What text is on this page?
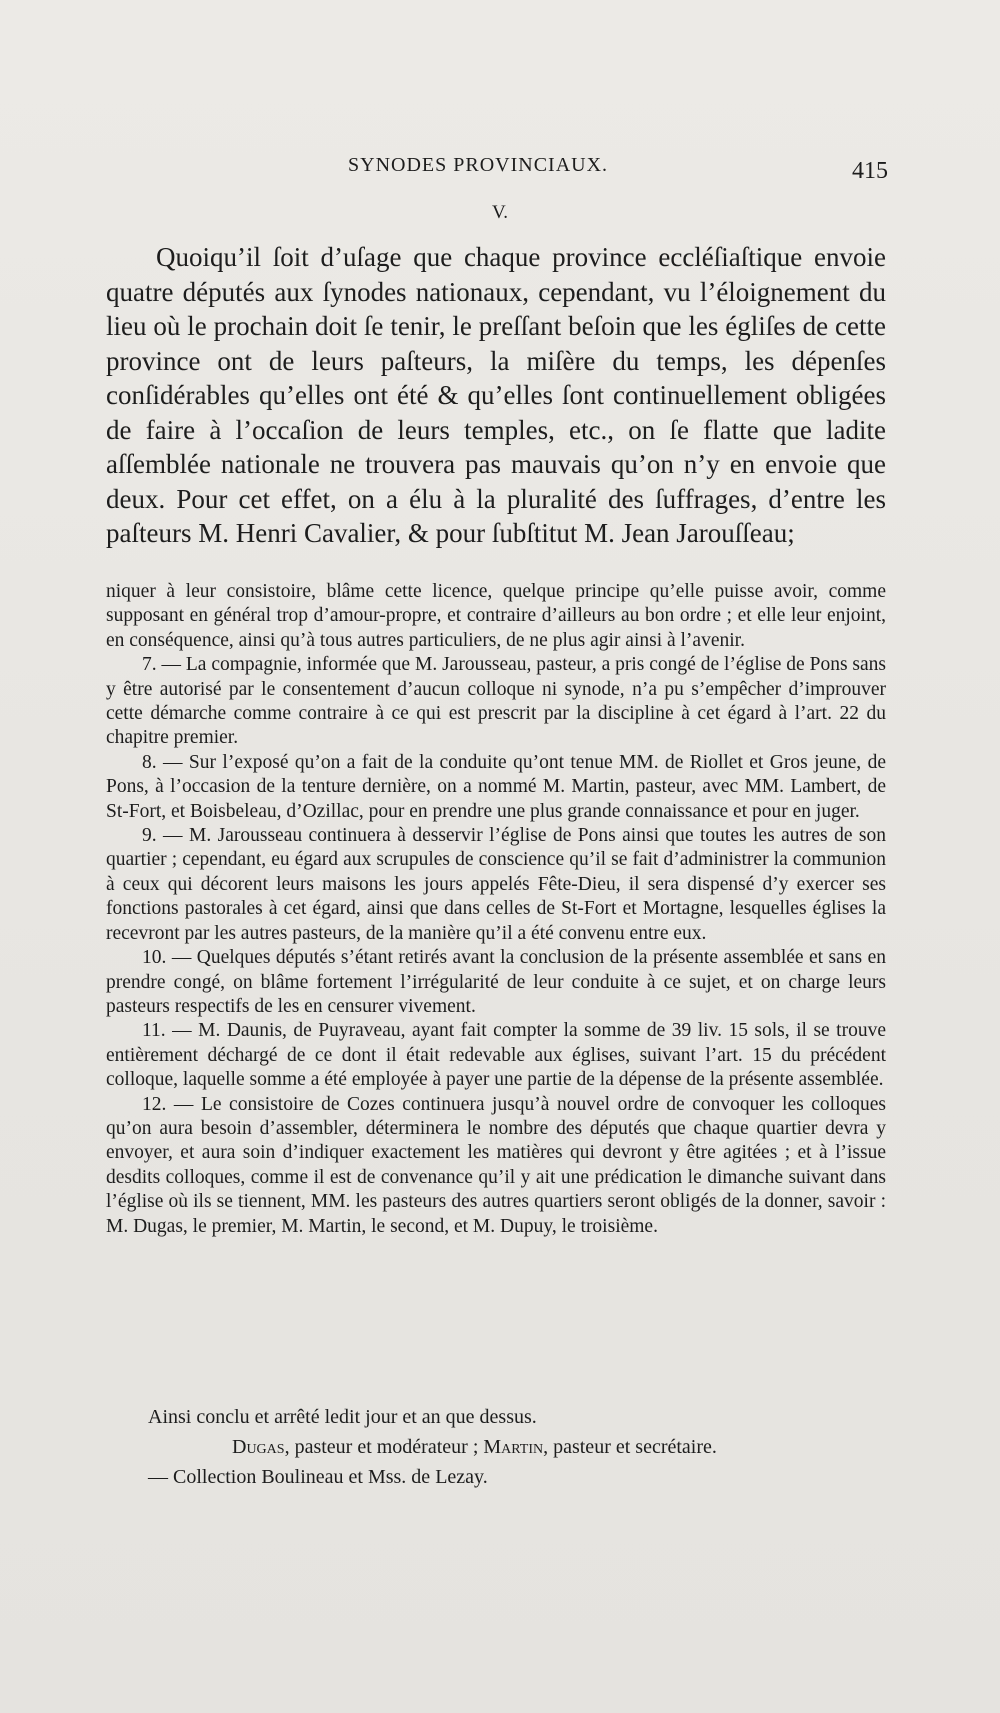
SYNODES PROVINCIAUX.	415
V.

Quoiqu’il ſoit d’uſage que chaque province eccléſiaſtique envoie quatre députés aux ſynodes nationaux, cependant, vu l’éloignement du lieu où le prochain doit ſe tenir, le preſſant beſoin que les égliſes de cette province ont de leurs paſteurs, la miſère du temps, les dépenſes conſidérables qu’elles ont été & qu’elles ſont continuellement obligées de faire à l’occaſion de leurs temples, etc., on ſe flatte que ladite aſſemblée nationale ne trouvera pas mauvais qu’on n’y en envoie que deux. Pour cet effet, on a élu à la pluralité des ſuffrages, d’entre les paſteurs M. Henri Cavalier, & pour ſubſtitut M. Jean Jarouſſeau;

niquer à leur consistoire, blâme cette licence, quelque principe qu’elle puisse avoir, comme supposant en général trop d’amour-propre, et contraire d’ailleurs au bon ordre ; et elle leur enjoint, en conséquence, ainsi qu’à tous autres particuliers, de ne plus agir ainsi à l’avenir.

7. — La compagnie, informée que M. Jarousseau, pasteur, a pris congé de l’église de Pons sans y être autorisé par le consentement d’aucun colloque ni synode, n’a pu s’empêcher d’improuver cette démarche comme contraire à ce qui est prescrit par la discipline à cet égard à l’art. 22 du chapitre premier.

8. — Sur l’exposé qu’on a fait de la conduite qu’ont tenue MM. de Riollet et Gros jeune, de Pons, à l’occasion de la tenture dernière, on a nommé M. Martin, pasteur, avec MM. Lambert, de St-Fort, et Boisbeleau, d’Ozillac, pour en prendre une plus grande connaissance et pour en juger.

9. — M. Jarousseau continuera à desservir l’église de Pons ainsi que toutes les autres de son quartier ; cependant, eu égard aux scrupules de conscience qu’il se fait d’administrer la communion à ceux qui décorent leurs maisons les jours appelés Fête-Dieu, il sera dispensé d’y exercer ses fonctions pastorales à cet égard, ainsi que dans celles de St-Fort et Mortagne, lesquelles églises la recevront par les autres pasteurs, de la manière qu’il a été convenu entre eux.

10. — Quelques députés s’étant retirés avant la conclusion de la présente assemblée et sans en prendre congé, on blâme fortement l’irrégularité de leur conduite à ce sujet, et on charge leurs pasteurs respectifs de les en censurer vivement.

11. — M. Daunis, de Puyraveau, ayant fait compter la somme de 39 liv. 15 sols, il se trouve entièrement déchargé de ce dont il était redevable aux églises, suivant l’art. 15 du précédent colloque, laquelle somme a été employée à payer une partie de la dépense de la présente assemblée.

12. — Le consistoire de Cozes continuera jusqu’à nouvel ordre de convoquer les colloques qu’on aura besoin d’assembler, déterminera le nombre des députés que chaque quartier devra y envoyer, et aura soin d’indiquer exactement les matières qui devront y être agitées ; et à l’issue desdits colloques, comme il est de convenance qu’il y ait une prédication le dimanche suivant dans l’église où ils se tiennent, MM. les pasteurs des autres quartiers seront obligés de la donner, savoir : M. Dugas, le premier, M. Martin, le second, et M. Dupuy, le troisième.

Ainsi conclu et arrêté ledit jour et an que dessus.

Dugas, pasteur et modérateur ; Martin, pasteur et secrétaire.

— Collection Boulineau et Mss. de Lezay.
